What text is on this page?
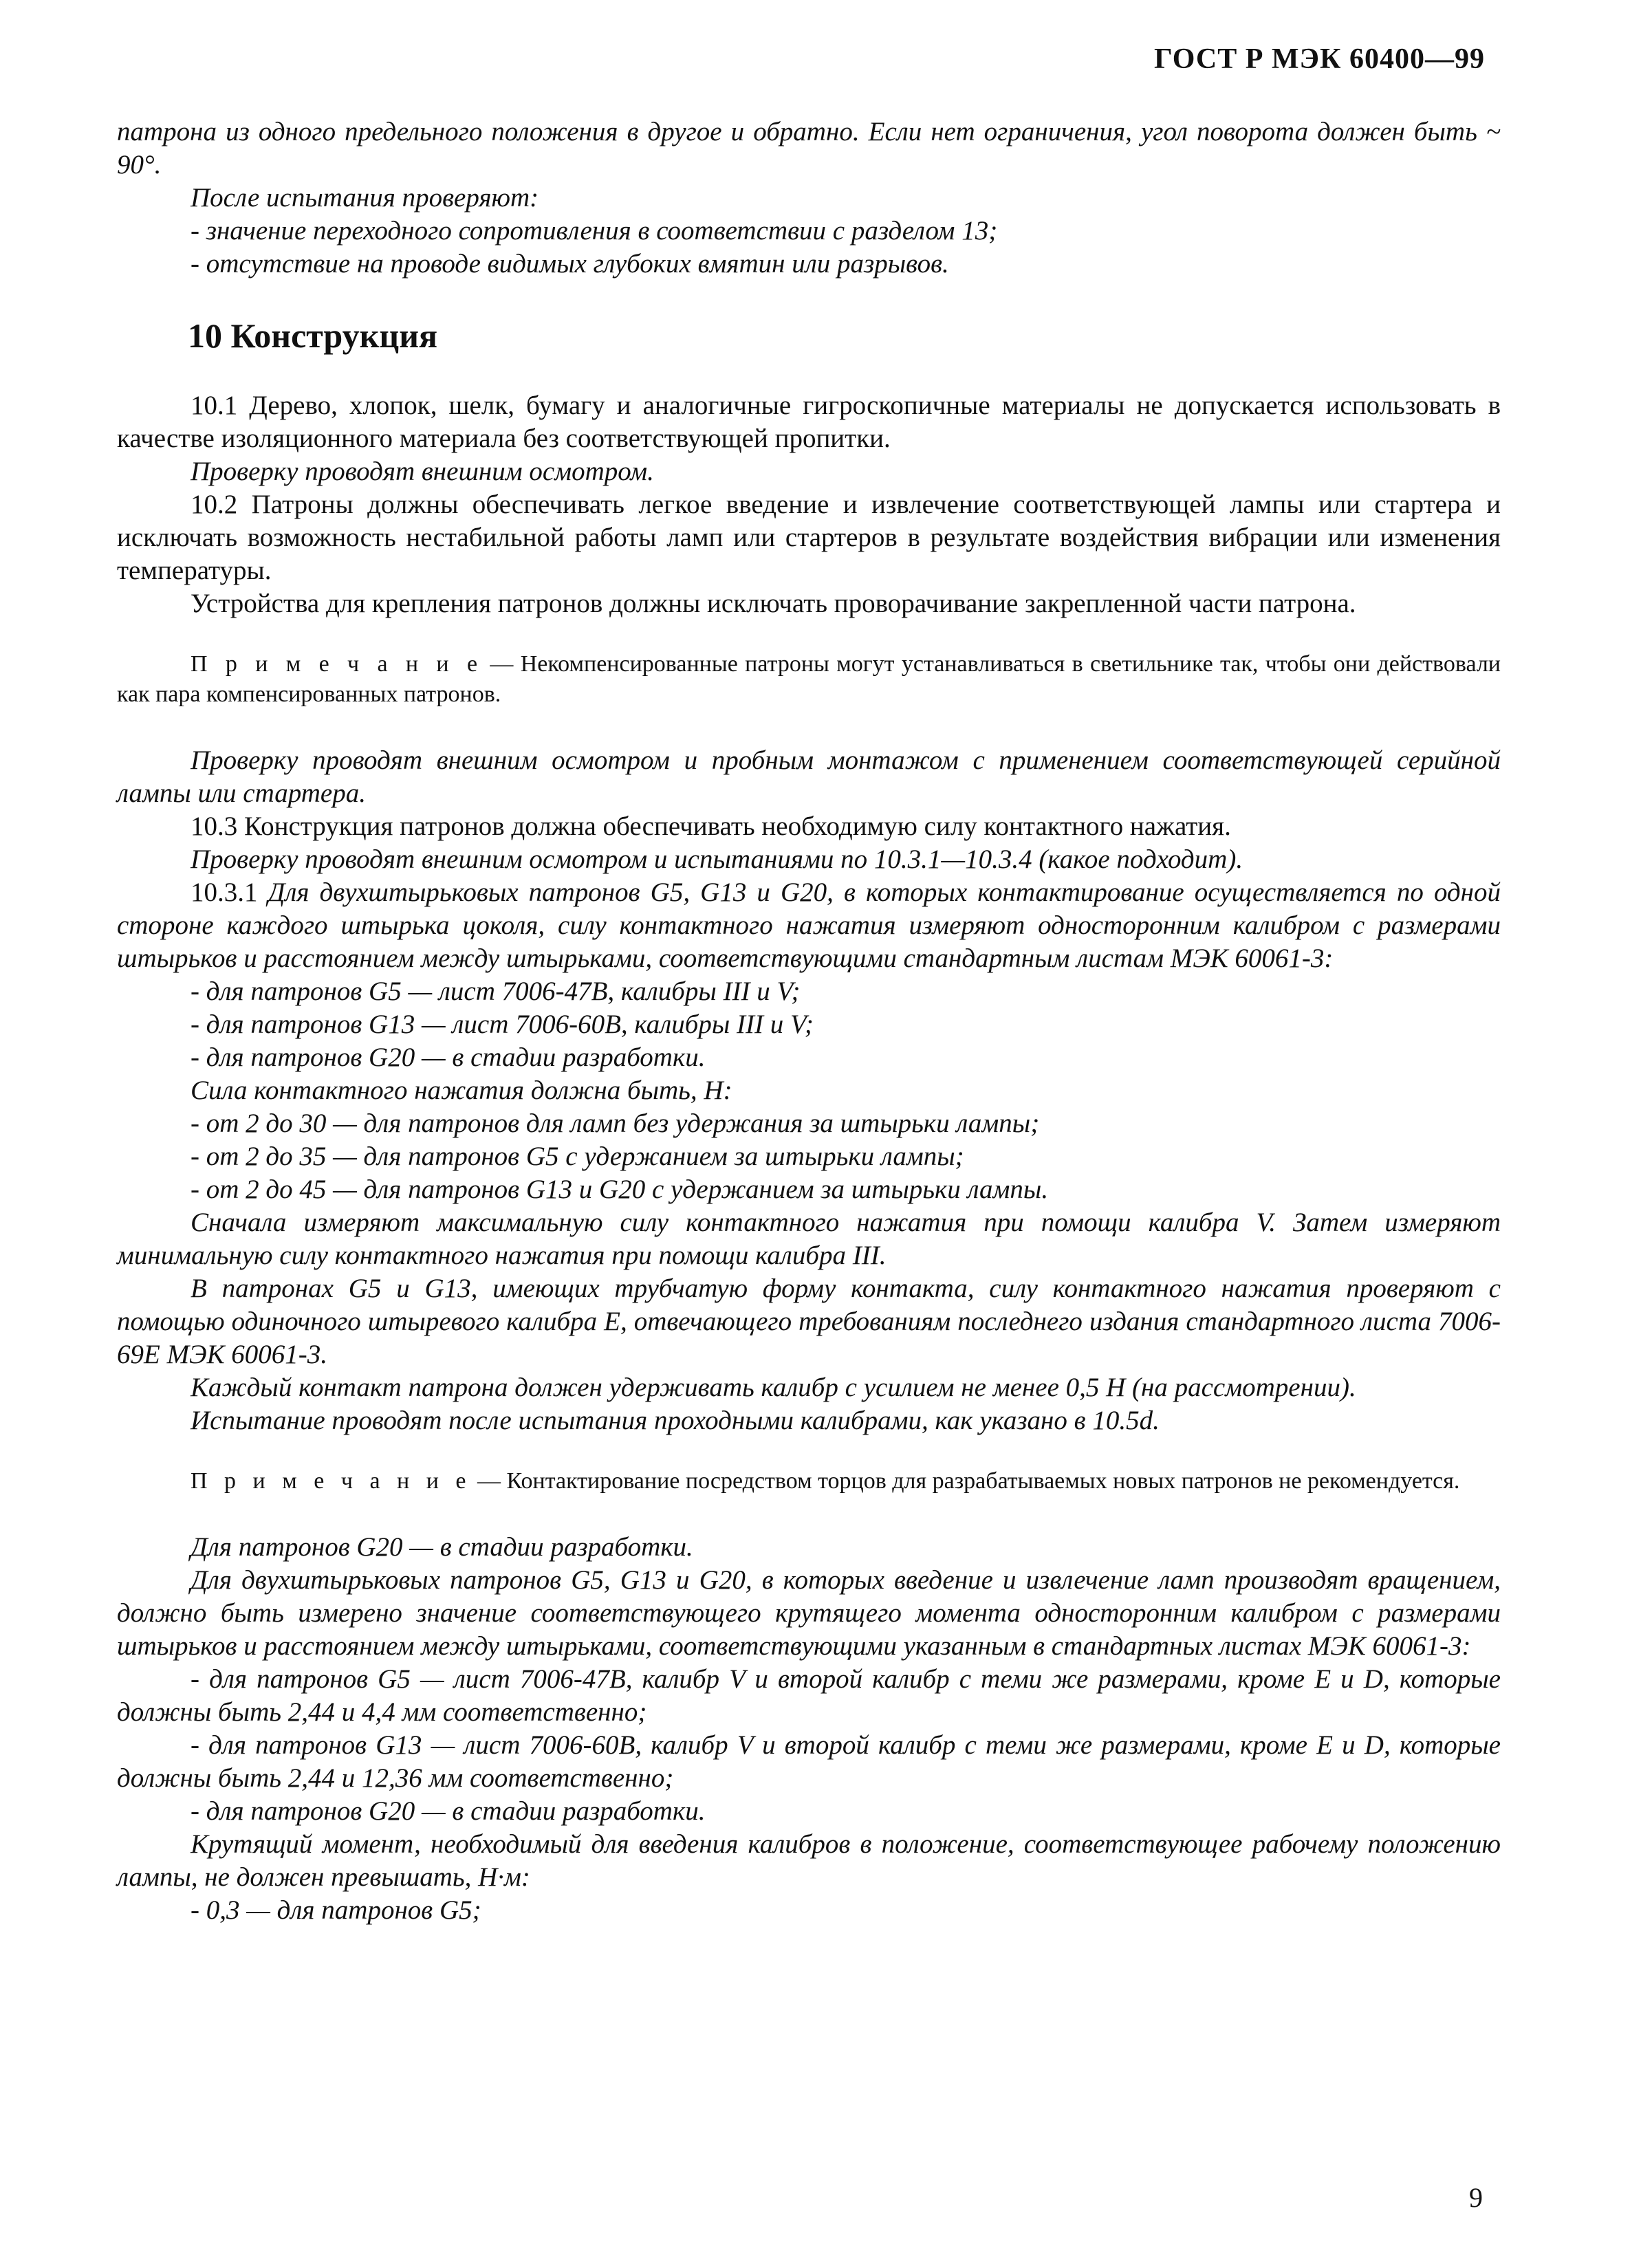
ГОСТ Р МЭК 60400—99

патрона из одного предельного положения в другое и обратно. Если нет ограничения, угол поворота должен быть ~ 90°.

После испытания проверяют:

- значение переходного сопротивления в соответствии с разделом 13;

- отсутствие на проводе видимых глубоких вмятин или разрывов.

10 Конструкция

10.1 Дерево, хлопок, шелк, бумагу и аналогичные гигроскопичные материалы не допускается использовать в качестве изоляционного материала без соответствующей пропитки.

Проверку проводят внешним осмотром.

10.2 Патроны должны обеспечивать легкое введение и извлечение соответствующей лампы или стартера и исключать возможность нестабильной работы ламп или стартеров в результате воздействия вибрации или изменения температуры.

Устройства для крепления патронов должны исключать проворачивание закрепленной части патрона.

П р и м е ч а н и е — Некомпенсированные патроны могут устанавливаться в светильнике так, чтобы они действовали как пара компенсированных патронов.

Проверку проводят внешним осмотром и пробным монтажом с применением соответствующей серийной лампы или стартера.

10.3 Конструкция патронов должна обеспечивать необходимую силу контактного нажатия.

Проверку проводят внешним осмотром и испытаниями по 10.3.1—10.3.4 (какое подходит).

10.3.1 Для двухштырьковых патронов G5, G13 и G20, в которых контактирование осуществляется по одной стороне каждого штырька цоколя, силу контактного нажатия измеряют односторонним калибром с размерами штырьков и расстоянием между штырьками, соответствующими стандартным листам МЭК 60061-3:

- для патронов G5 — лист 7006-47В, калибры III и V;

- для патронов G13 — лист 7006-60В, калибры III и V;

- для патронов G20 — в стадии разработки.

Сила контактного нажатия должна быть, Н:

- от 2 до 30 — для патронов для ламп без удержания за штырьки лампы;

- от 2 до 35 — для патронов G5 с удержанием за штырьки лампы;

- от 2 до 45 — для патронов G13 и G20 с удержанием за штырьки лампы.

Сначала измеряют максимальную силу контактного нажатия при помощи калибра V. Затем измеряют минимальную силу контактного нажатия при помощи калибра III.

В патронах G5 и G13, имеющих трубчатую форму контакта, силу контактного нажатия проверяют с помощью одиночного штыревого калибра Е, отвечающего требованиям последнего издания стандартного листа 7006-69Е МЭК 60061-3.

Каждый контакт патрона должен удерживать калибр с усилием не менее 0,5 Н (на рассмотрении).

Испытание проводят после испытания проходными калибрами, как указано в 10.5d.

П р и м е ч а н и е — Контактирование посредством торцов для разрабатываемых новых патронов не рекомендуется.

Для патронов G20 — в стадии разработки.

Для двухштырьковых патронов G5, G13 и G20, в которых введение и извлечение ламп производят вращением, должно быть измерено значение соответствующего крутящего момента односторонним калибром с размерами штырьков и расстоянием между штырьками, соответствующими указанным в стандартных листах МЭК 60061-3:

- для патронов G5 — лист 7006-47В, калибр V и второй калибр с теми же размерами, кроме Е и D, которые должны быть 2,44 и 4,4 мм соответственно;

- для патронов G13 — лист 7006-60В, калибр V и второй калибр с теми же размерами, кроме Е и D, которые должны быть 2,44 и 12,36 мм соответственно;

- для патронов G20 — в стадии разработки.

Крутящий момент, необходимый для введения калибров в положение, соответствующее рабочему положению лампы, не должен превышать, Н·м:

- 0,3 — для патронов G5;

9
